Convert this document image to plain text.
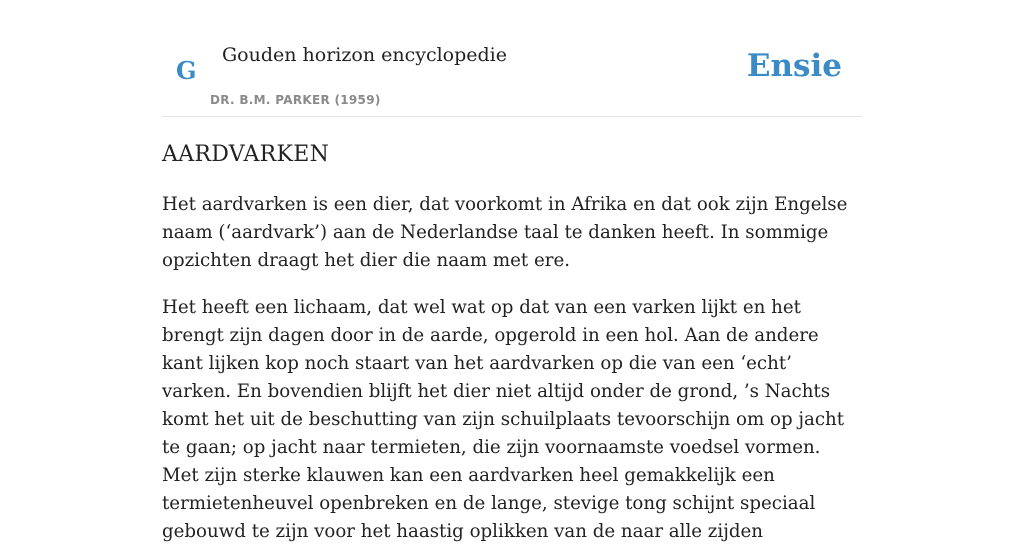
G
Gouden horizon encyclopedie
DR. B.M. PARKER (1959)
Ensie
AARDVARKEN

Het aardvarken is een dier, dat voorkomt in Afrika en dat ook zijn Engelse naam (‘aardvark’) aan de Nederlandse taal te danken heeft. In sommige opzichten draagt het dier die naam met ere.

Het heeft een lichaam, dat wel wat op dat van een varken lijkt en het brengt zijn dagen door in de aarde, opgerold in een hol. Aan de andere kant lijken kop noch staart van het aardvarken op die van een ‘echt’ varken. En bovendien blijft het dier niet altijd onder de grond, ’s Nachts komt het uit de beschutting van zijn schuilplaats tevoorschijn om op jacht te gaan; op jacht naar termieten, die zijn voornaamste voedsel vormen. Met zijn sterke klauwen kan een aardvarken heel gemakkelijk een termietenheuvel openbreken en de lange, stevige tong schijnt speciaal gebouwd te zijn voor het haastig oplikken van de naar alle zijden
